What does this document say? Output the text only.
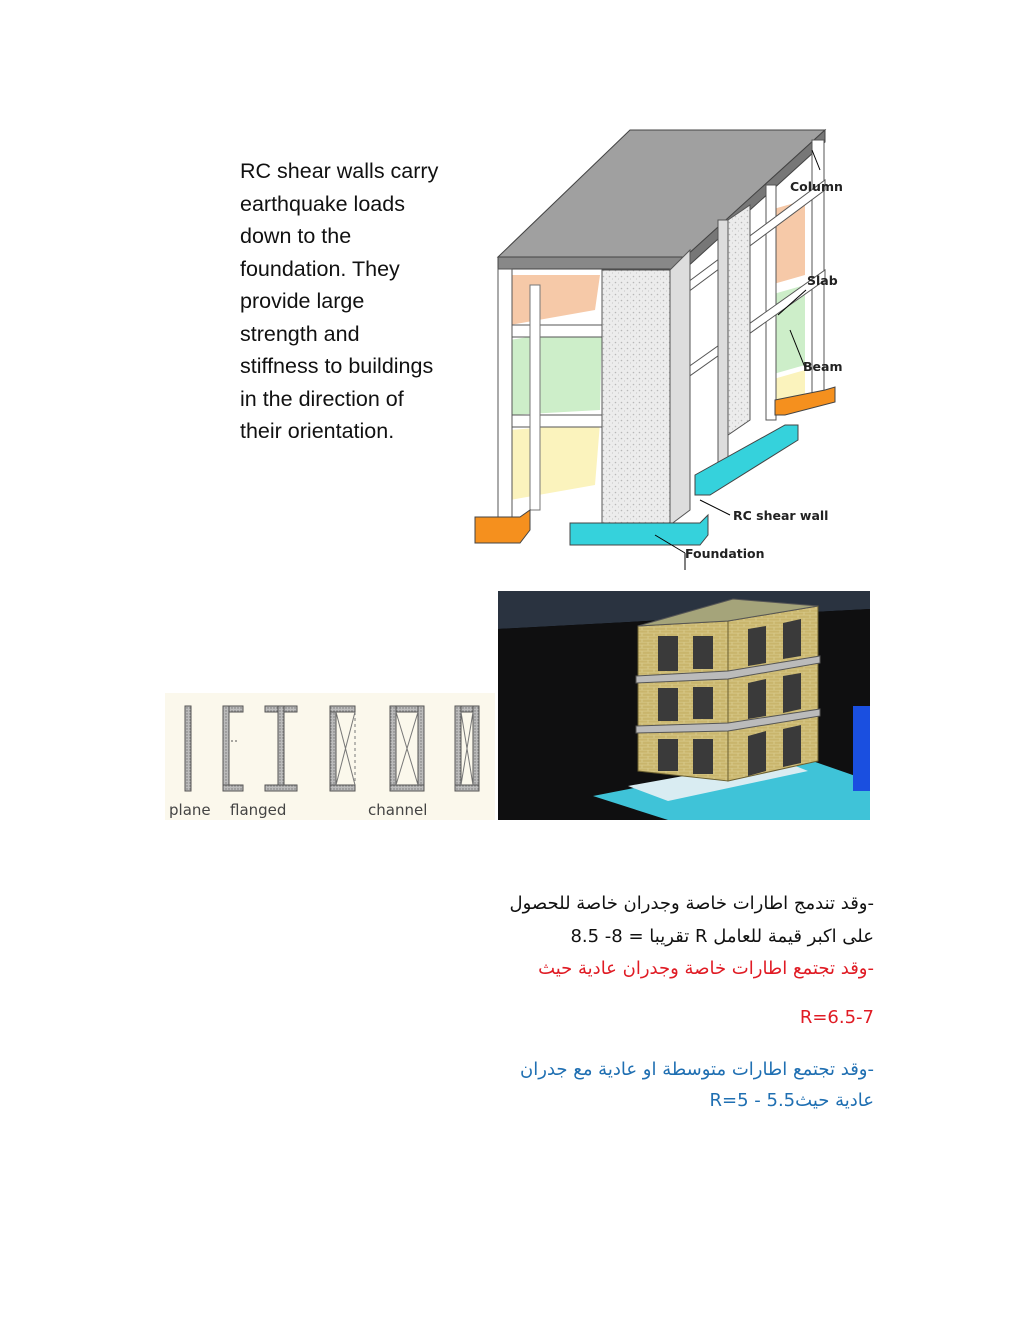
Column
Slab
Beam
RC shear wall
Foundation
RC shear walls carry
earthquake loads
down to the
foundation. They
provide large
strength and
stiffness to buildings
in the direction of
their orientation.
plane flanged	channel
-وقد تندمج اطارات خاصة وجدران خاصة للحصول
على اكبر قيمة للعامل R تقريبا = 8- 8.5
-وقد تجتمع اطارات خاصة وجدران عادية حيث
R=6.5-7
-وقد تجتمع اطارات متوسطة او عادية مع جدران
عادية حيثR=5 - 5.5
